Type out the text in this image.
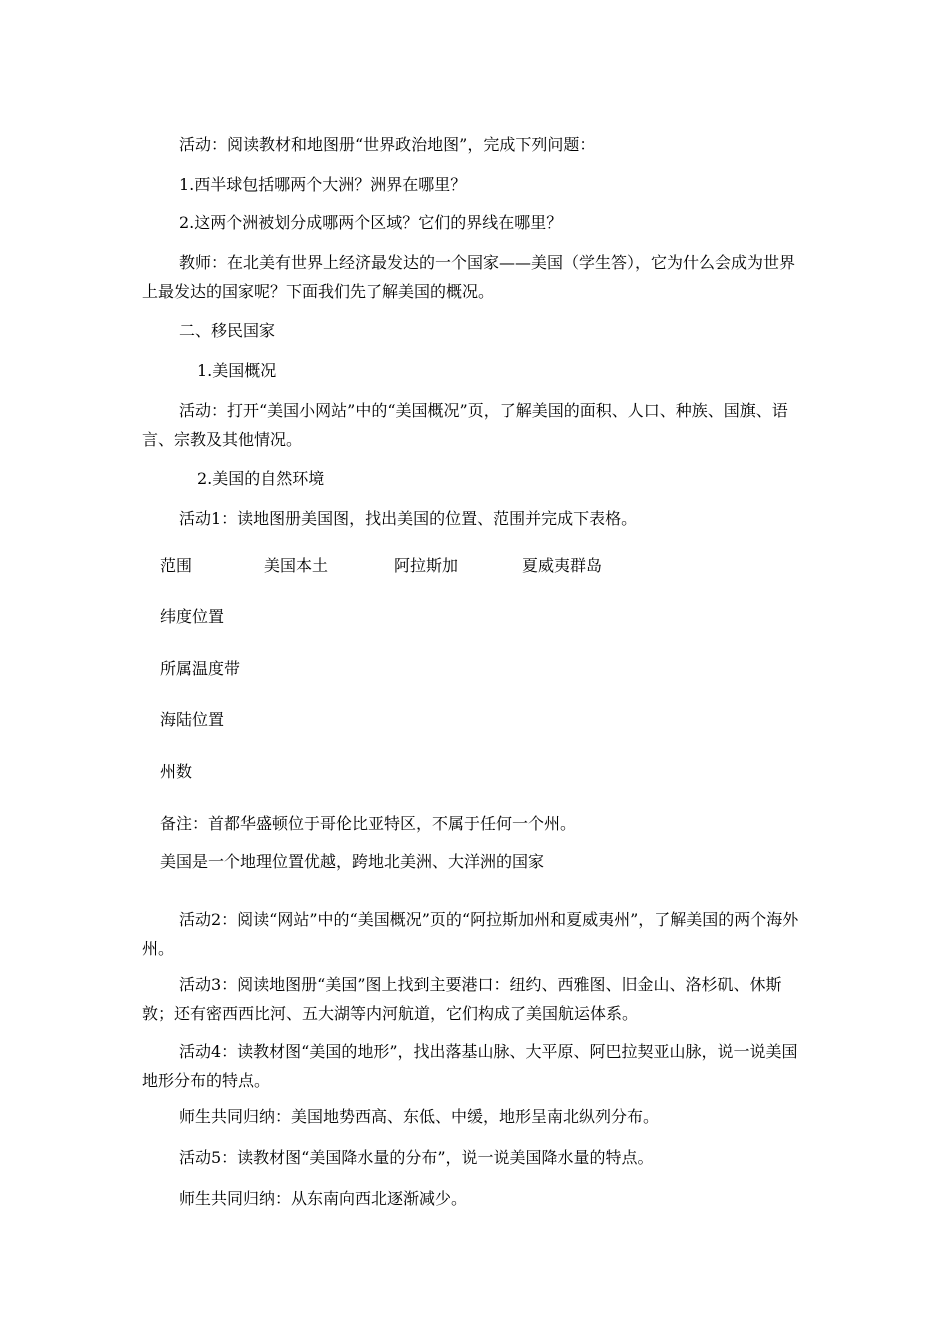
活动：阅读教材和地图册“世界政治地图”，完成下列问题：

1.西半球包括哪两个大洲？洲界在哪里？

2.这两个洲被划分成哪两个区域？它们的界线在哪里？

教师：在北美有世界上经济最发达的一个国家——美国（学生答），它为什么会成为世界上最发达的国家呢？下面我们先了解美国的概况。

二、移民国家

1.美国概况

活动：打开“美国小网站”中的“美国概况”页，了解美国的面积、人口、种族、国旗、语言、宗教及其他情况。

2.美国的自然环境

活动1：读地图册美国图，找出美国的位置、范围并完成下表格。

范围	美国本土	阿拉斯加	夏威夷群岛
纬度位置
所属温度带
海陆位置
州数

备注：首都华盛顿位于哥伦比亚特区，不属于任何一个州。

美国是一个地理位置优越，跨地北美洲、大洋洲的国家

活动2：阅读“网站”中的“美国概况”页的“阿拉斯加州和夏威夷州”，了解美国的两个海外州。

活动3：阅读地图册“美国”图上找到主要港口：纽约、西雅图、旧金山、洛杉矶、休斯敦；还有密西西比河、五大湖等内河航道，它们构成了美国航运体系。

活动4：读教材图“美国的地形”，找出落基山脉、大平原、阿巴拉契亚山脉，说一说美国地形分布的特点。

师生共同归纳：美国地势西高、东低、中缓，地形呈南北纵列分布。

活动5：读教材图“美国降水量的分布”，说一说美国降水量的特点。

师生共同归纳：从东南向西北逐渐减少。
